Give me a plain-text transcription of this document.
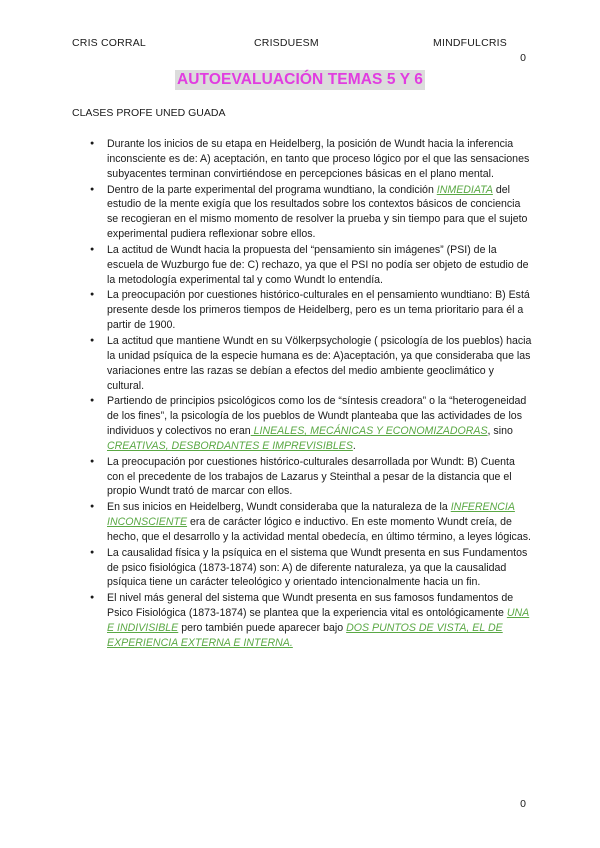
CRIS CORRAL	CRISDUESM	MINDFULCRIS
0
AUTOEVALUACIÓN TEMAS 5 Y 6
CLASES PROFE UNED GUADA
● Durante los inicios de su etapa en Heidelberg, la posición de Wundt hacia la inferencia inconsciente es de: A) aceptación, en tanto que proceso lógico por el que las sensaciones subyacentes terminan convirtiéndose en percepciones básicas en el plano mental.
● Dentro de la parte experimental del programa wundtiano, la condición INMEDIATA del estudio de la mente exigía que los resultados sobre los contextos básicos de conciencia se recogieran en el mismo momento de resolver la prueba y sin tiempo para que el sujeto experimental pudiera reflexionar sobre ellos.
● La actitud de Wundt hacia la propuesta del “pensamiento sin imágenes” (PSI) de la escuela de Wuzburgo fue de: C) rechazo, ya que el PSI no podía ser objeto de estudio de la metodología experimental tal y como Wundt lo entendía.
● La preocupación por cuestiones histórico-culturales en el pensamiento wundtiano: B) Está presente desde los primeros tiempos de Heidelberg, pero es un tema prioritario para él a partir de 1900.
● La actitud que mantiene Wundt en su Völkerpsychologie ( psicología de los pueblos) hacia la unidad psíquica de la especie humana es de: A)aceptación, ya que consideraba que las variaciones entre las razas se debían a efectos del medio ambiente geoclimático y cultural.
● Partiendo de principios psicológicos como los de “síntesis creadora” o la “heterogeneidad de los fines”, la psicología de los pueblos de Wundt planteaba que las actividades de los individuos y colectivos no eran LINEALES, MECÁNICAS Y ECONOMIZADORAS, sino CREATIVAS, DESBORDANTES E IMPREVISIBLES.
● La preocupación por cuestiones histórico-culturales desarrollada por Wundt: B) Cuenta con el precedente de los trabajos de Lazarus y Steinthal a pesar de la distancia que el propio Wundt trató de marcar con ellos.
● En sus inicios en Heidelberg, Wundt consideraba que la naturaleza de la INFERENCIA INCONSCIENTE era de carácter lógico e inductivo. En este momento Wundt creía, de hecho, que el desarrollo y la actividad mental obedecía, en último término, a leyes lógicas.
● La causalidad física y la psíquica en el sistema que Wundt presenta en sus Fundamentos de psico fisiológica (1873-1874) son: A) de diferente naturaleza, ya que la causalidad psíquica tiene un carácter teleológico y orientado intencionalmente hacia un fin.
● El nivel más general del sistema que Wundt presenta en sus famosos fundamentos de Psico Fisiológica (1873-1874) se plantea que la experiencia vital es ontológicamente UNA E INDIVISIBLE pero también puede aparecer bajo DOS PUNTOS DE VISTA, EL DE EXPERIENCIA EXTERNA E INTERNA.
0
